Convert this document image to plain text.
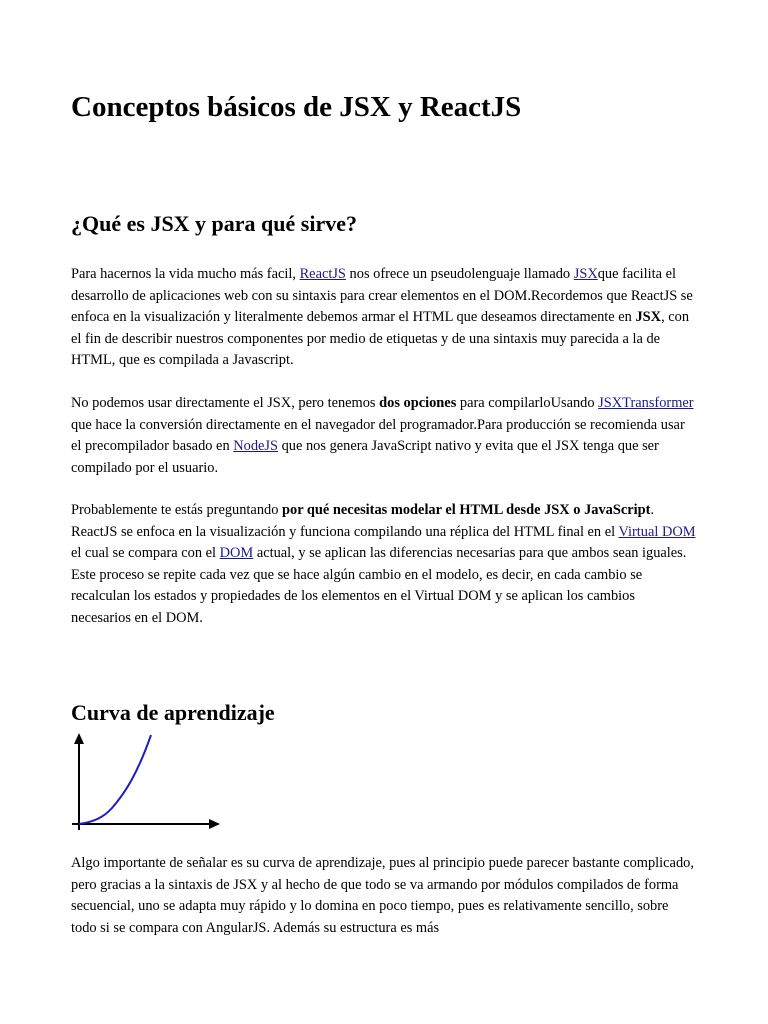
Conceptos básicos de JSX y ReactJS
¿Qué es JSX y para qué sirve?

Para hacernos la vida mucho más facil, ReactJS nos ofrece un pseudolenguaje llamado JSXque facilita el desarrollo de aplicaciones web con su sintaxis para crear elementos en el DOM.Recordemos que ReactJS se enfoca en la visualización y literalmente debemos armar el HTML que deseamos directamente en JSX, con el fin de describir nuestros componentes por medio de etiquetas y de una sintaxis muy parecida a la de HTML, que es compilada a Javascript.

No podemos usar directamente el JSX, pero tenemos dos opciones para compilarloUsando JSXTransformer que hace la conversión directamente en el navegador del programador.Para producción se recomienda usar el precompilador basado en NodeJS que nos genera JavaScript nativo y evita que el JSX tenga que ser compilado por el usuario.

Probablemente te estás preguntando por qué necesitas modelar el HTML desde JSX o JavaScript. ReactJS se enfoca en la visualización y funciona compilando una réplica del HTML final en el Virtual DOM el cual se compara con el DOM actual, y se aplican las diferencias necesarias para que ambos sean iguales. Este proceso se repite cada vez que se hace algún cambio en el modelo, es decir, en cada cambio se recalculan los estados y propiedades de los elementos en el Virtual DOM y se aplican los cambios necesarios en el DOM.

Curva de aprendizaje

Algo importante de señalar es su curva de aprendizaje, pues al principio puede parecer bastante complicado, pero gracias a la sintaxis de JSX y al hecho de que todo se va armando por módulos compilados de forma secuencial, uno se adapta muy rápido y lo domina en poco tiempo, pues es relativamente sencillo, sobre todo si se compara con AngularJS. Además su estructura es más
